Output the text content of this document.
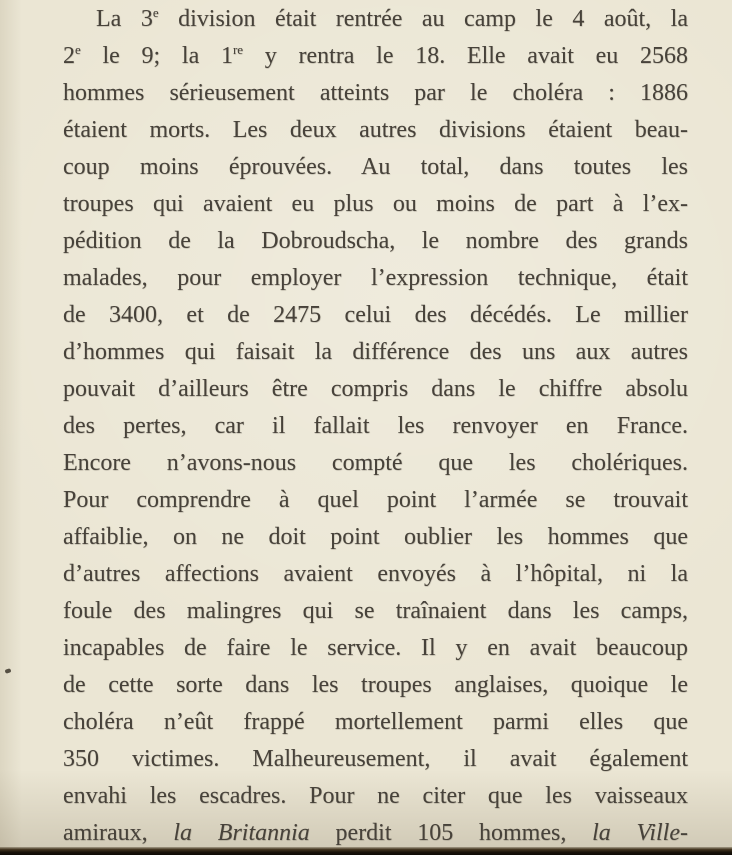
La 3e division était rentrée au camp le 4 août, la
2e le 9; la 1re y rentra le 18. Elle avait eu 2568
hommes sérieusement atteints par le choléra : 1886
étaient morts. Les deux autres divisions étaient beau-
coup moins éprouvées. Au total, dans toutes les
troupes qui avaient eu plus ou moins de part à l’ex-
pédition de la Dobroudscha, le nombre des grands
malades, pour employer l’expression technique, était
de 3400, et de 2475 celui des décédés. Le millier
d’hommes qui faisait la différence des uns aux autres
pouvait d’ailleurs être compris dans le chiffre absolu
des pertes, car il fallait les renvoyer en France.
Encore n’avons-nous compté que les cholériques.
Pour comprendre à quel point l’armée se trouvait
affaiblie, on ne doit point oublier les hommes que
d’autres affections avaient envoyés à l’hôpital, ni la
foule des malingres qui se traînaient dans les camps,
incapables de faire le service. Il y en avait beaucoup
de cette sorte dans les troupes anglaises, quoique le
choléra n’eût frappé mortellement parmi elles que
350 victimes. Malheureusement, il avait également
envahi les escadres. Pour ne citer que les vaisseaux
amiraux, la Britannia perdit 105 hommes, la Ville-
